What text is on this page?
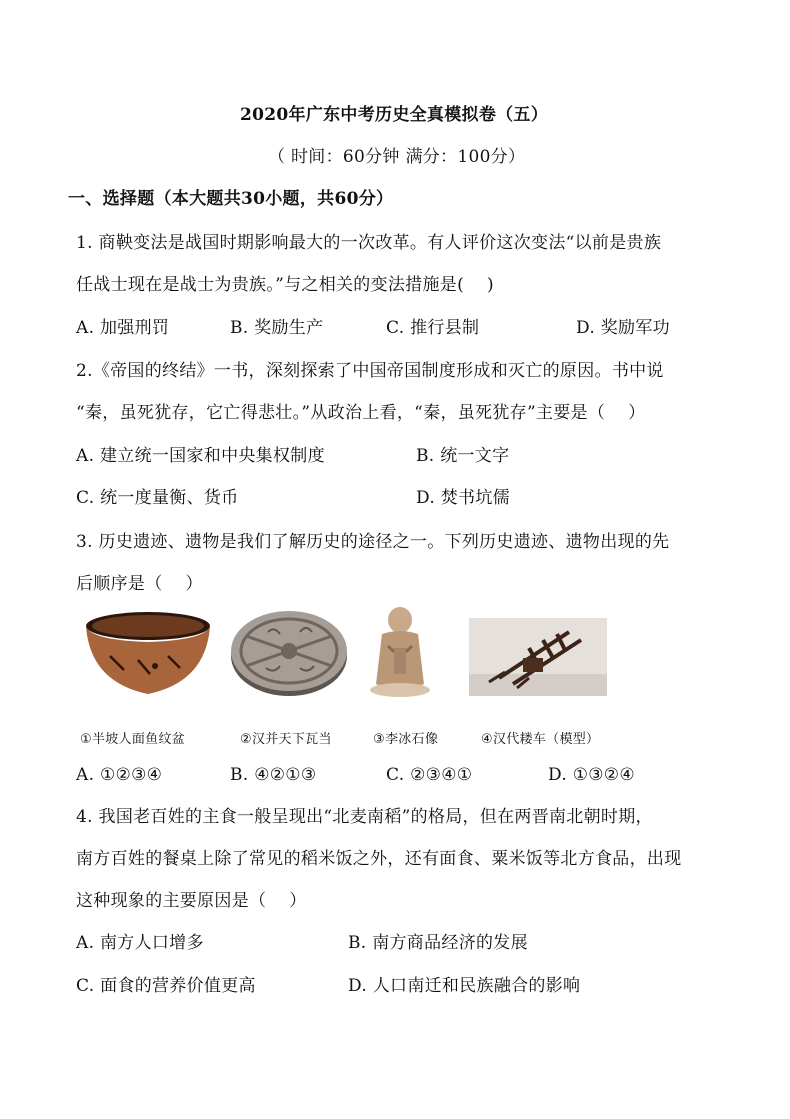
2020年广东中考历史全真模拟卷（五）
（ 时间：60分钟 满分：100分）
一、选择题（本大题共30小题，共60分）
1. 商鞅变法是战国时期影响最大的一次改革。有人评价这次变法“以前是贵族
任战士现在是战士为贵族。”与之相关的变法措施是(　 )
A. 加强刑罚	B. 奖励生产	C. 推行县制	D. 奖励军功
2.《帝国的终结》一书，深刻探索了中国帝国制度形成和灭亡的原因。书中说
“秦，虽死犹存，它亡得悲壮。”从政治上看，“秦，虽死犹存”主要是（　 ）
A. 建立统一国家和中央集权制度	B. 统一文字
C. 统一度量衡、货币	D. 焚书坑儒
3. 历史遗迹、遗物是我们了解历史的途径之一。下列历史遗迹、遗物出现的先
后顺序是（　 ）
①半坡人面鱼纹盆	②汉并天下瓦当	③李冰石像	④汉代耧车（模型）
A. ①②③④	B. ④②①③	C. ②③④①	D. ①③②④
4. 我国老百姓的主食一般呈现出“北麦南稻”的格局，但在两晋南北朝时期，
南方百姓的餐桌上除了常见的稻米饭之外，还有面食、粟米饭等北方食品，出现
这种现象的主要原因是（　 ）
A. 南方人口增多	B. 南方商品经济的发展
C. 面食的营养价值更高	D. 人口南迁和民族融合的影响
